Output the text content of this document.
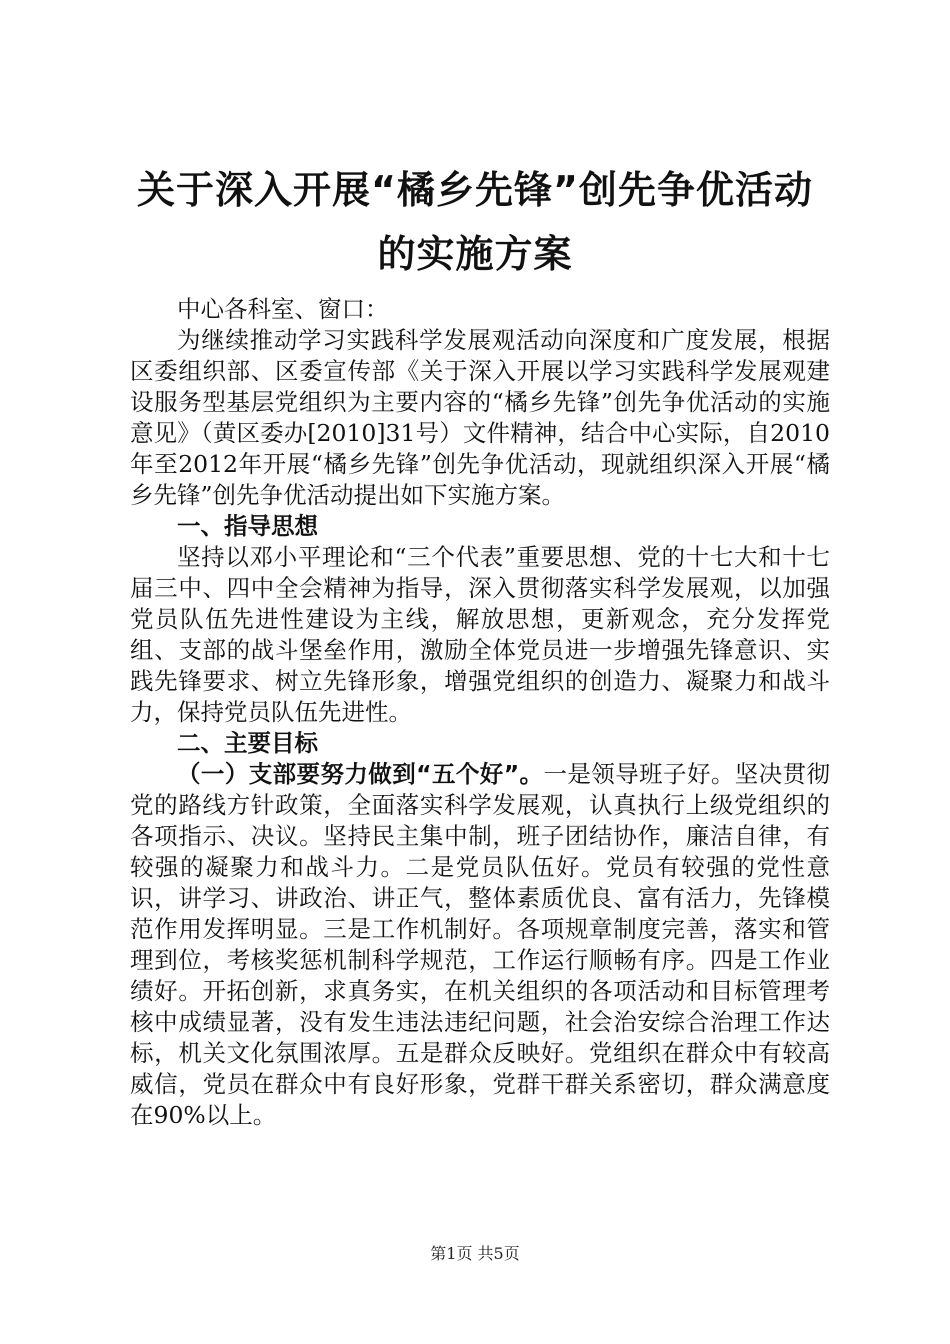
关于深入开展“橘乡先锋”创先争优活动的实施方案

中心各科室、窗口：

为继续推动学习实践科学发展观活动向深度和广度发展，根据区委组织部、区委宣传部《关于深入开展以学习实践科学发展观建设服务型基层党组织为主要内容的“橘乡先锋”创先争优活动的实施意见》（黄区委办[2010]31号）文件精神，结合中心实际，自2010年至2012年开展“橘乡先锋”创先争优活动，现就组织深入开展“橘乡先锋”创先争优活动提出如下实施方案。

一、指导思想

坚持以邓小平理论和“三个代表”重要思想、党的十七大和十七届三中、四中全会精神为指导，深入贯彻落实科学发展观，以加强党员队伍先进性建设为主线，解放思想，更新观念，充分发挥党组、支部的战斗堡垒作用，激励全体党员进一步增强先锋意识、实践先锋要求、树立先锋形象，增强党组织的创造力、凝聚力和战斗力，保持党员队伍先进性。

二、主要目标

（一）支部要努力做到“五个好”。一是领导班子好。坚决贯彻党的路线方针政策，全面落实科学发展观，认真执行上级党组织的各项指示、决议。坚持民主集中制，班子团结协作，廉洁自律，有较强的凝聚力和战斗力。二是党员队伍好。党员有较强的党性意识，讲学习、讲政治、讲正气，整体素质优良、富有活力，先锋模范作用发挥明显。三是工作机制好。各项规章制度完善，落实和管理到位，考核奖惩机制科学规范，工作运行顺畅有序。四是工作业绩好。开拓创新，求真务实，在机关组织的各项活动和目标管理考核中成绩显著，没有发生违法违纪问题，社会治安综合治理工作达标，机关文化氛围浓厚。五是群众反映好。党组织在群众中有较高威信，党员在群众中有良好形象，党群干群关系密切，群众满意度在90%以上。

第1页 共5页
